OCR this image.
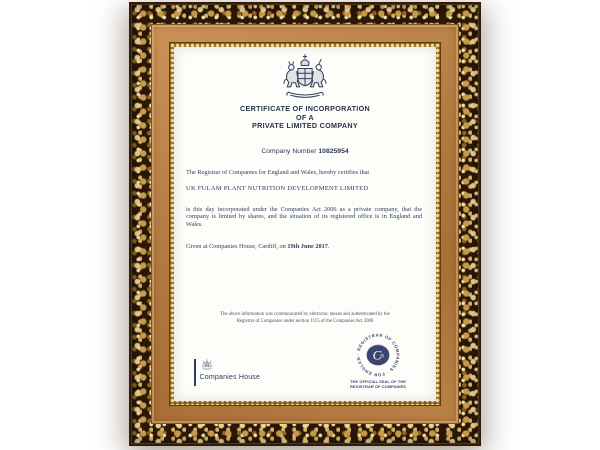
CERTIFICATE OF INCORPORATION
OF A
PRIVATE LIMITED COMPANY
Company Number 10825954
The Registrar of Companies for England and Wales, hereby certifies that
UK FULAM PLANT NUTRITION DEVELOPMENT LIMITED
is this day incorporated under the Companies Act 2006 as a private company, that the company is limited by shares, and the situation of its registered office is in England and Wales.
Given at Companies House, Cardiff, on 19th June 2017.
The above information was communicated by electronic means and authenticated by the
Registrar of Companies under section 1115 of the Companies Act 2006
Companies House
· REGISTRAR OF COMPANIES · FOR ENGLAND AND WALES
C
H
THE OFFICIAL SEAL OF THE
REGISTRAR OF COMPANIES
